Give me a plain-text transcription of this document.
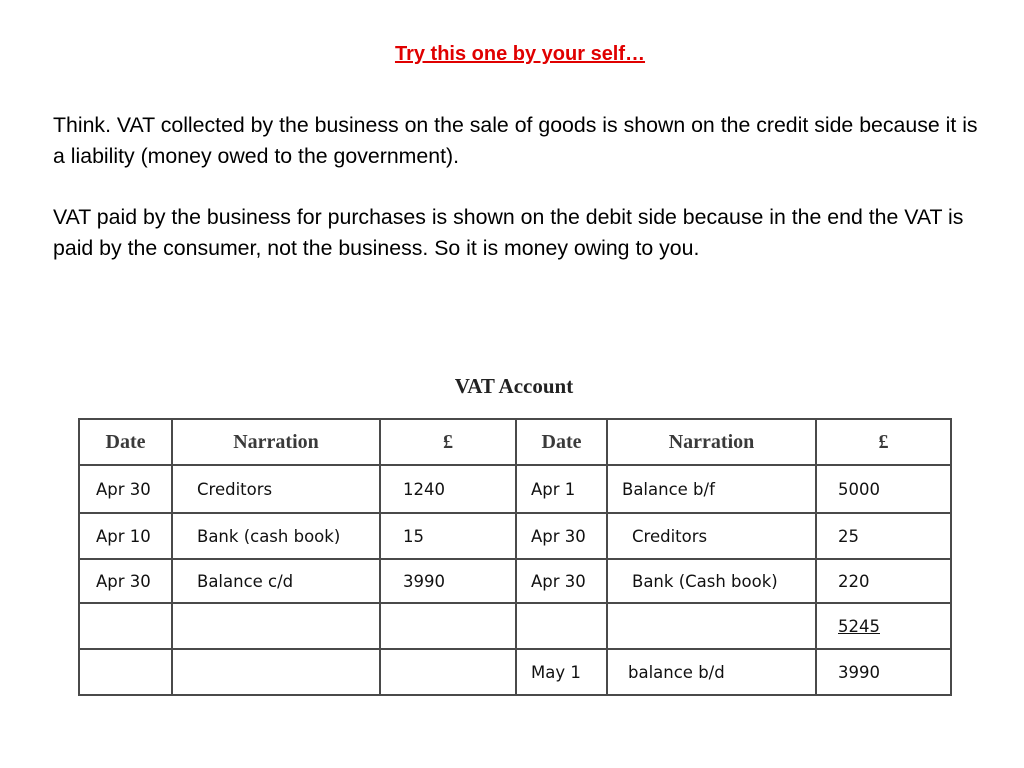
Try this one by your self…

Think. VAT collected by the business on the sale of goods is shown on the credit side because it is a liability (money owed to the government).

VAT paid by the business for purchases is shown on the debit side because in the end the VAT is paid by the consumer, not the business. So it is money owing to you.

VAT Account
Date	Narration	£	Date	Narration	£
Apr 30	Creditors	1240	Apr 1	Balance b/f	5000
Apr 10	Bank (cash book)	15	Apr 30	Creditors	25
Apr 30	Balance c/d	3990	Apr 30	Bank (Cash book)	220
					5245
			May 1	balance b/d	3990
